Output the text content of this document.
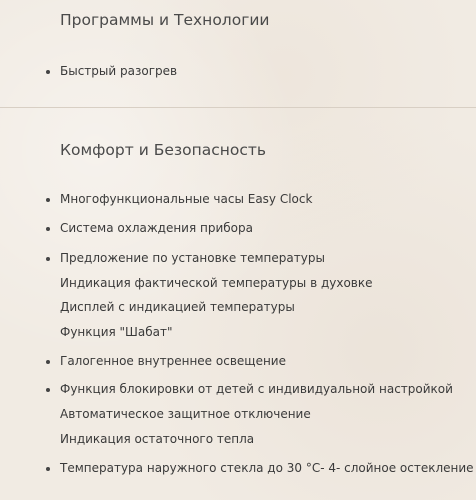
Программы и Технологии
Быстрый разогрев
Комфорт и Безопасность
Многофункциональные часы Easy Clock
Система охлаждения прибора
Предложение по установке температуры
Индикация фактической температуры в духовке
Дисплей с индикацией температуры
Функция "Шабат"
Галогенное внутреннее освещение
Функция блокировки от детей с индивидуальной настройкой
Автоматическое защитное отключение
Индикация остаточного тепла
Температура наружного стекла до 30 °C- 4- слойное остекление
